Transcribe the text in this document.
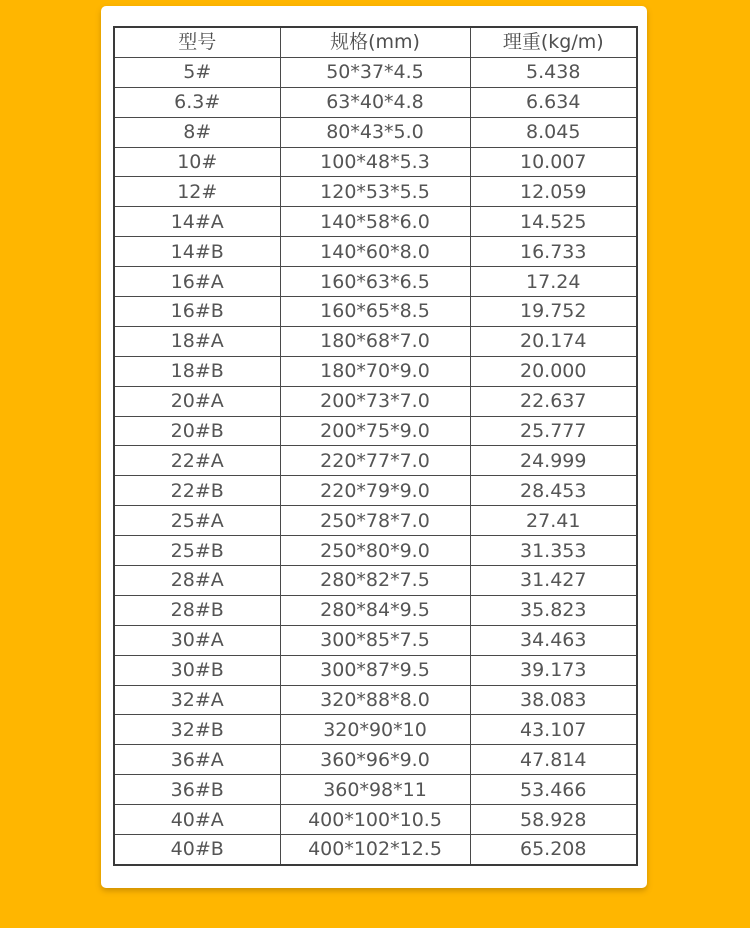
型号	规格(mm)	理重(kg/m)
5#	50*37*4.5	5.438
6.3#	63*40*4.8	6.634
8#	80*43*5.0	8.045
10#	100*48*5.3	10.007
12#	120*53*5.5	12.059
14#A	140*58*6.0	14.525
14#B	140*60*8.0	16.733
16#A	160*63*6.5	17.24
16#B	160*65*8.5	19.752
18#A	180*68*7.0	20.174
18#B	180*70*9.0	20.000
20#A	200*73*7.0	22.637
20#B	200*75*9.0	25.777
22#A	220*77*7.0	24.999
22#B	220*79*9.0	28.453
25#A	250*78*7.0	27.41
25#B	250*80*9.0	31.353
28#A	280*82*7.5	31.427
28#B	280*84*9.5	35.823
30#A	300*85*7.5	34.463
30#B	300*87*9.5	39.173
32#A	320*88*8.0	38.083
32#B	320*90*10	43.107
36#A	360*96*9.0	47.814
36#B	360*98*11	53.466
40#A	400*100*10.5	58.928
40#B	400*102*12.5	65.208
